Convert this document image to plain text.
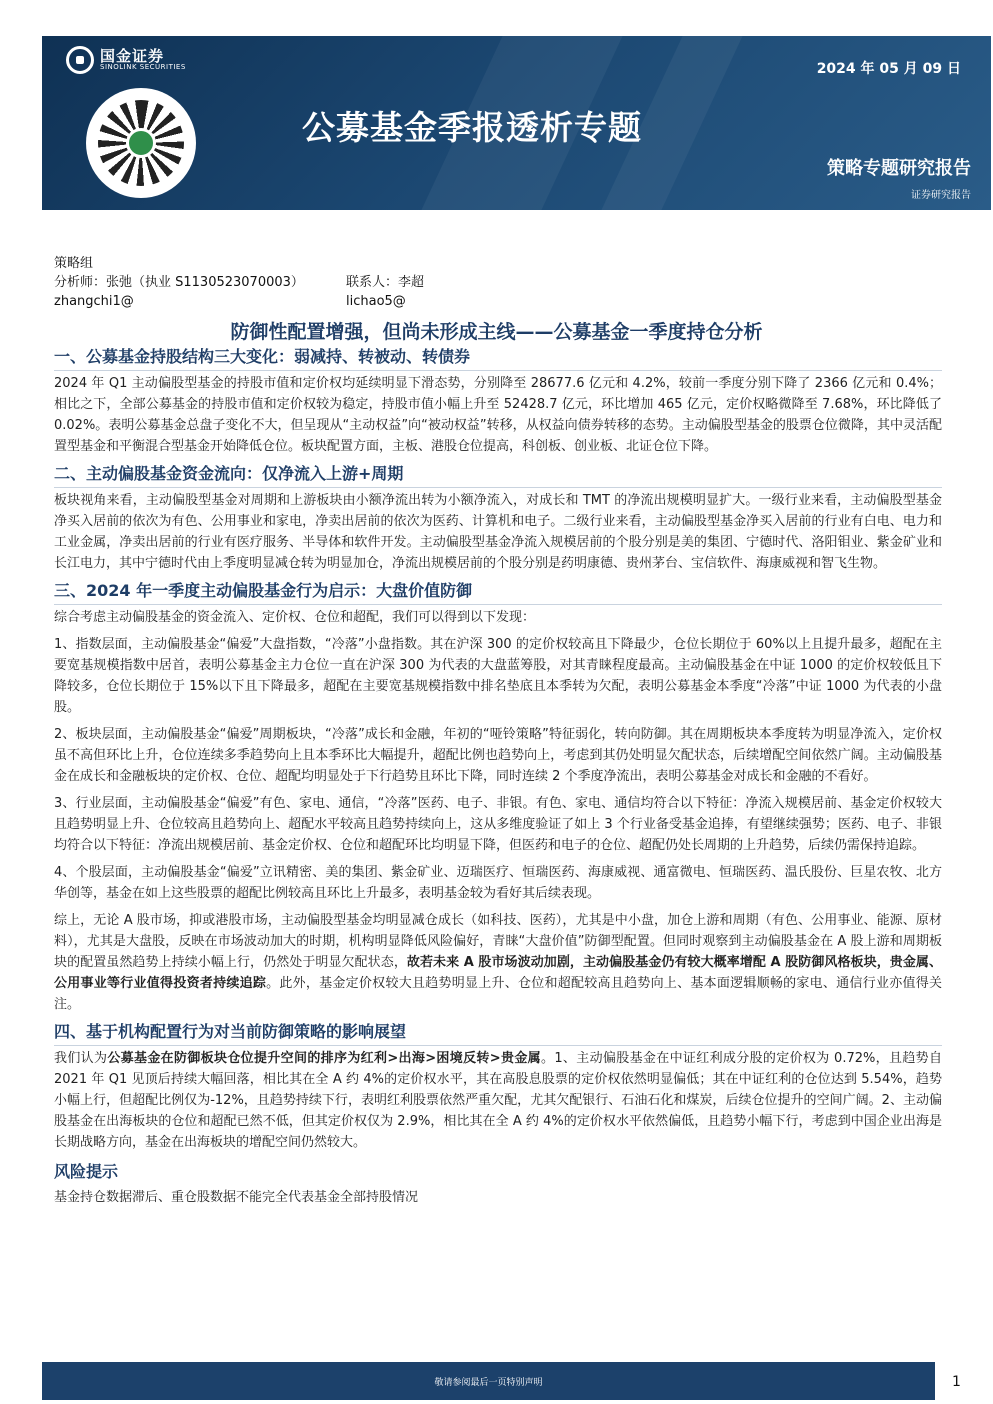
国金证券
SINOLINK SECURITIES	2024 年 05 月 09 日
公募基金季报透析专题
策略专题研究报告
证券研究报告
策略组
分析师：张弛（执业 S1130523070003）	联系人：李超
zhangchi1@	lichao5@
防御性配置增强，但尚未形成主线——公募基金一季度持仓分析
一、公募基金持股结构三大变化：弱减持、转被动、转债券

2024 年 Q1 主动偏股型基金的持股市值和定价权均延续明显下滑态势，分别降至 28677.6 亿元和 4.2%，较前一季度分别下降了 2366 亿元和 0.4%；相比之下，全部公募基金的持股市值和定价权较为稳定，持股市值小幅上升至 52428.7 亿元，环比增加 465 亿元，定价权略微降至 7.68%，环比降低了 0.02%。表明公募基金总盘子变化不大，但呈现从“主动权益”向“被动权益”转移，从权益向债券转移的态势。主动偏股型基金的股票仓位微降，其中灵活配置型基金和平衡混合型基金开始降低仓位。板块配置方面，主板、港股仓位提高，科创板、创业板、北证仓位下降。

二、主动偏股基金资金流向：仅净流入上游+周期

板块视角来看，主动偏股型基金对周期和上游板块由小额净流出转为小额净流入，对成长和 TMT 的净流出规模明显扩大。一级行业来看，主动偏股型基金净买入居前的依次为有色、公用事业和家电，净卖出居前的依次为医药、计算机和电子。二级行业来看，主动偏股型基金净买入居前的行业有白电、电力和工业金属，净卖出居前的行业有医疗服务、半导体和软件开发。主动偏股型基金净流入规模居前的个股分别是美的集团、宁德时代、洛阳钼业、紫金矿业和长江电力，其中宁德时代由上季度明显减仓转为明显加仓，净流出规模居前的个股分别是药明康德、贵州茅台、宝信软件、海康威视和智飞生物。

三、2024 年一季度主动偏股基金行为启示：大盘价值防御

综合考虑主动偏股基金的资金流入、定价权、仓位和超配，我们可以得到以下发现：

1、指数层面，主动偏股基金“偏爱”大盘指数，“冷落”小盘指数。其在沪深 300 的定价权较高且下降最少，仓位长期位于 60%以上且提升最多，超配在主要宽基规模指数中居首，表明公募基金主力仓位一直在沪深 300 为代表的大盘蓝筹股，对其青睐程度最高。主动偏股基金在中证 1000 的定价权较低且下降较多，仓位长期位于 15%以下且下降最多，超配在主要宽基规模指数中排名垫底且本季转为欠配，表明公募基金本季度“冷落”中证 1000 为代表的小盘股。

2、板块层面，主动偏股基金“偏爱”周期板块，“冷落”成长和金融，年初的“哑铃策略”特征弱化，转向防御。其在周期板块本季度转为明显净流入，定价权虽不高但环比上升，仓位连续多季趋势向上且本季环比大幅提升，超配比例也趋势向上，考虑到其仍处明显欠配状态，后续增配空间依然广阔。主动偏股基金在成长和金融板块的定价权、仓位、超配均明显处于下行趋势且环比下降，同时连续 2 个季度净流出，表明公募基金对成长和金融的不看好。

3、行业层面，主动偏股基金“偏爱”有色、家电、通信，“冷落”医药、电子、非银。有色、家电、通信均符合以下特征：净流入规模居前、基金定价权较大且趋势明显上升、仓位较高且趋势向上、超配水平较高且趋势持续向上，这从多维度验证了如上 3 个行业备受基金追捧，有望继续强势；医药、电子、非银均符合以下特征：净流出规模居前、基金定价权、仓位和超配环比均明显下降，但医药和电子的仓位、超配仍处长周期的上升趋势，后续仍需保持追踪。

4、个股层面，主动偏股基金“偏爱”立讯精密、美的集团、紫金矿业、迈瑞医疗、恒瑞医药、海康威视、通富微电、恒瑞医药、温氏股份、巨星农牧、北方华创等，基金在如上这些股票的超配比例较高且环比上升最多，表明基金较为看好其后续表现。

综上，无论 A 股市场，抑或港股市场，主动偏股型基金均明显减仓成长（如科技、医药），尤其是中小盘，加仓上游和周期（有色、公用事业、能源、原材料），尤其是大盘股，反映在市场波动加大的时期，机构明显降低风险偏好，青睐“大盘价值”防御型配置。但同时观察到主动偏股基金在 A 股上游和周期板块的配置虽然趋势上持续小幅上行，仍然处于明显欠配状态，故若未来 A 股市场波动加剧，主动偏股基金仍有较大概率增配 A 股防御风格板块，贵金属、公用事业等行业值得投资者持续追踪。此外，基金定价权较大且趋势明显上升、仓位和超配较高且趋势向上、基本面逻辑顺畅的家电、通信行业亦值得关注。

四、基于机构配置行为对当前防御策略的影响展望

我们认为公募基金在防御板块仓位提升空间的排序为红利>出海>困境反转>贵金属。1、主动偏股基金在中证红利成分股的定价权为 0.72%，且趋势自 2021 年 Q1 见顶后持续大幅回落，相比其在全 A 约 4%的定价权水平，其在高股息股票的定价权依然明显偏低；其在中证红利的仓位达到 5.54%，趋势小幅上行，但超配比例仅为-12%，且趋势持续下行，表明红利股票依然严重欠配，尤其欠配银行、石油石化和煤炭，后续仓位提升的空间广阔。2、主动偏股基金在出海板块的仓位和超配已然不低，但其定价权仅为 2.9%，相比其在全 A 约 4%的定价权水平依然偏低，且趋势小幅下行，考虑到中国企业出海是长期战略方向，基金在出海板块的增配空间仍然较大。

风险提示

基金持仓数据滞后、重仓股数据不能完全代表基金全部持股情况

敬请参阅最后一页特别声明	1
